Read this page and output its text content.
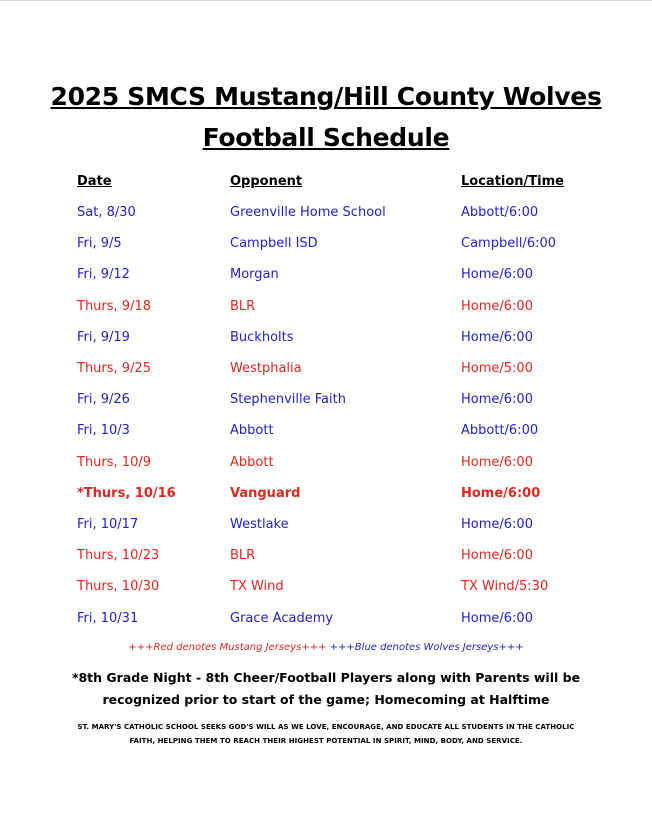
2025 SMCS Mustang/Hill County Wolves
Football Schedule
Date	Opponent	Location/Time
Sat, 8/30	Greenville Home School	Abbott/6:00
Fri, 9/5	Campbell ISD	Campbell/6:00
Fri, 9/12	Morgan	Home/6:00
Thurs, 9/18	BLR	Home/6:00
Fri, 9/19	Buckholts	Home/6:00
Thurs, 9/25	Westphalia	Home/5:00
Fri, 9/26	Stephenville Faith	Home/6:00
Fri, 10/3	Abbott	Abbott/6:00
Thurs, 10/9	Abbott	Home/6:00
*Thurs, 10/16	Vanguard	Home/6:00
Fri, 10/17	Westlake	Home/6:00
Thurs, 10/23	BLR	Home/6:00
Thurs, 10/30	TX Wind	TX Wind/5:30
Fri, 10/31	Grace Academy	Home/6:00
+++Red denotes Mustang Jerseys+++ +++Blue denotes Wolves Jerseys+++
*8th Grade Night - 8th Cheer/Football Players along with Parents will be
recognized prior to start of the game; Homecoming at Halftime
ST. MARY'S CATHOLIC SCHOOL SEEKS GOD'S WILL AS WE LOVE, ENCOURAGE, AND EDUCATE ALL STUDENTS IN THE CATHOLIC
FAITH, HELPING THEM TO REACH THEIR HIGHEST POTENTIAL IN SPIRIT, MIND, BODY, AND SERVICE.
